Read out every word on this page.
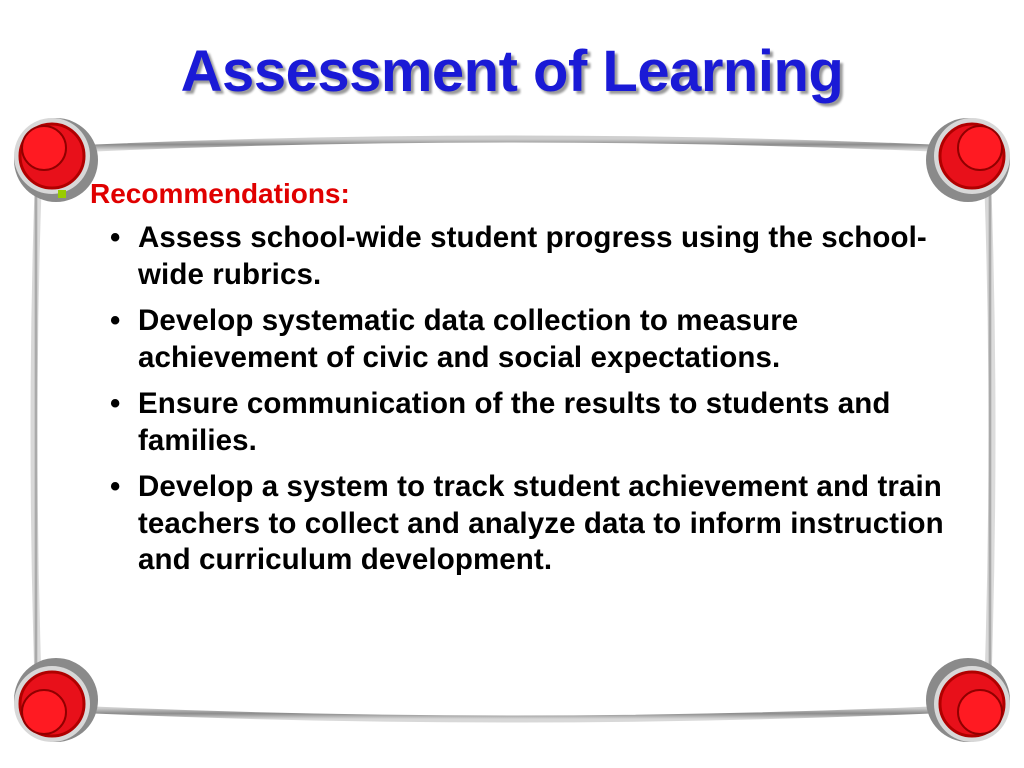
Assessment of Learning
Recommendations:
• Assess school-wide student progress using the school-wide rubrics.
• Develop systematic data collection to measure achievement of civic and social expectations.
• Ensure communication of the results to students and families.
• Develop a system to track student achievement and train teachers to collect and analyze data to inform instruction and curriculum development.
